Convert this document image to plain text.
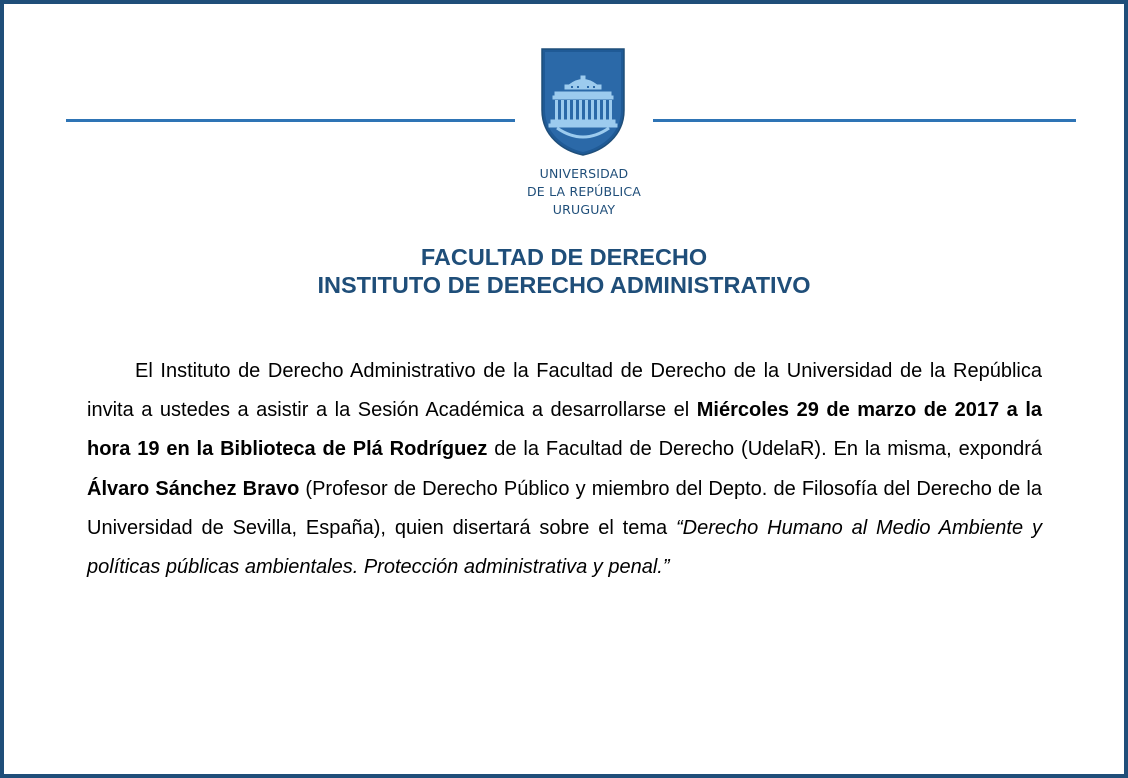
UNIVERSIDAD
DE LA REPÚBLICA
URUGUAY
FACULTAD DE DERECHO
INSTITUTO DE DERECHO ADMINISTRATIVO

El Instituto de Derecho Administrativo de la Facultad de Derecho de la Universidad de la República invita a ustedes a asistir a la Sesión Académica a desarrollarse el Miércoles 29 de marzo de 2017 a la hora 19 en la Biblioteca de Plá Rodríguez de la Facultad de Derecho (UdelaR). En la misma, expondrá Álvaro Sánchez Bravo (Profesor de Derecho Público y miembro del Depto. de Filosofía del Derecho de la Universidad de Sevilla, España), quien disertará sobre el tema “Derecho Humano al Medio Ambiente y políticas públicas ambientales. Protección administrativa y penal.”
